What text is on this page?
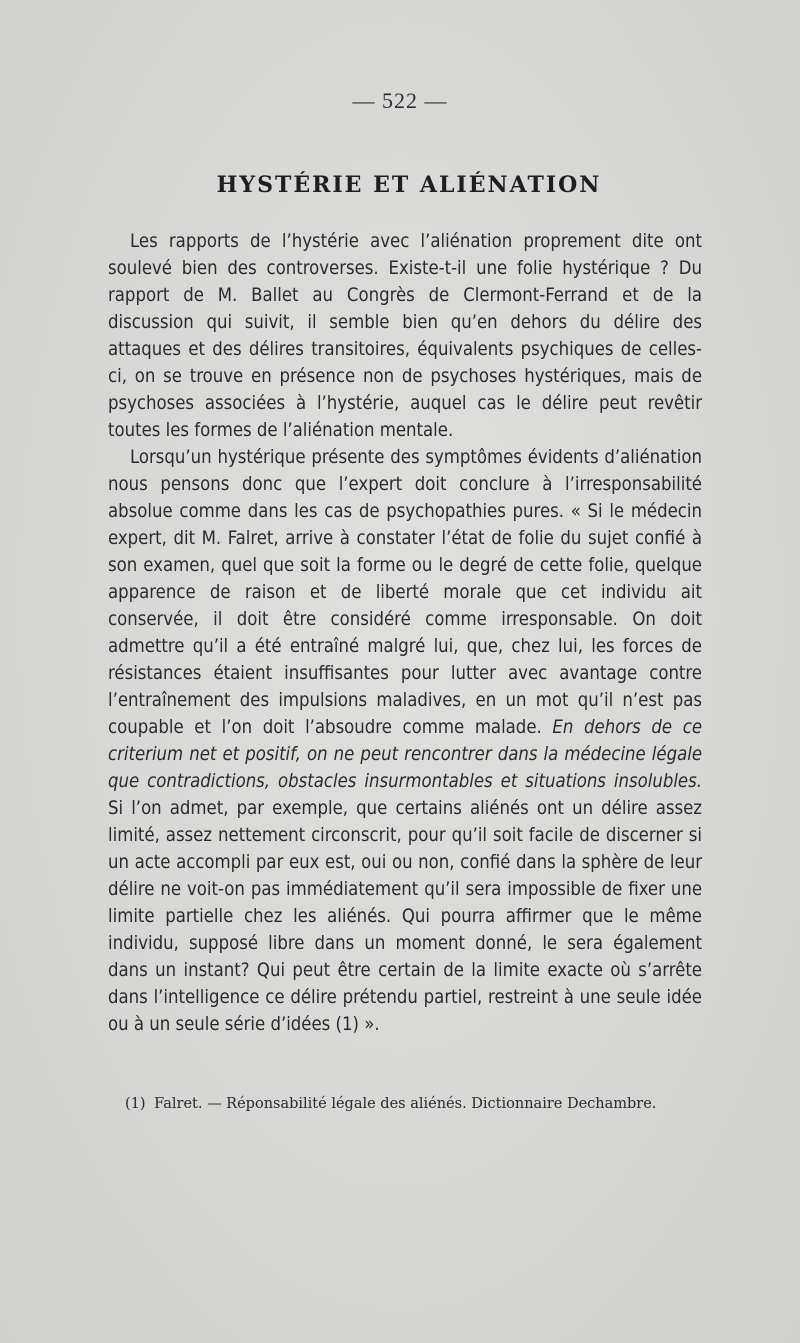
— 522 —
HYSTÉRIE ET ALIÉNATION

Les rapports de l’hystérie avec l’aliénation proprement dite ont soulevé bien des controverses. Existe-t-il une folie hystérique ? Du rapport de M. Ballet au Congrès de Clermont-Ferrand et de la discussion qui suivit, il semble bien qu’en dehors du délire des attaques et des délires transitoires, équivalents psychiques de celles-ci, on se trouve en présence non de psychoses hystériques, mais de psychoses associées à l’hystérie, auquel cas le délire peut revêtir toutes les formes de l’aliénation mentale.

Lorsqu’un hystérique présente des symptômes évidents d’aliénation nous pensons donc que l’expert doit conclure à l’irresponsabilité absolue comme dans les cas de psychopathies pures. « Si le médecin expert, dit M. Falret, arrive à constater l’état de folie du sujet confié à son examen, quel que soit la forme ou le degré de cette folie, quelque apparence de raison et de liberté morale que cet individu ait conservée, il doit être considéré comme irresponsable. On doit admettre qu’il a été entraîné malgré lui, que, chez lui, les forces de résistances étaient insuffisantes pour lutter avec avantage contre l’entraînement des impulsions maladives, en un mot qu’il n’est pas coupable et l’on doit l’absoudre comme malade. En dehors de ce criterium net et positif, on ne peut rencontrer dans la médecine légale que contradictions, obstacles insurmontables et situations insolubles. Si l’on admet, par exemple, que certains aliénés ont un délire assez limité, assez nettement circonscrit, pour qu’il soit facile de discerner si un acte accompli par eux est, oui ou non, confié dans la sphère de leur délire ne voit-on pas immédiatement qu’il sera impossible de fixer une limite partielle chez les aliénés. Qui pourra affirmer que le même individu, supposé libre dans un moment donné, le sera également dans un instant? Qui peut être certain de la limite exacte où s’arrête dans l’intelligence ce délire prétendu partiel, restreint à une seule idée ou à un seule série d’idées (1) ».

(1) Falret. — Réponsabilité légale des aliénés. Dictionnaire Dechambre.
